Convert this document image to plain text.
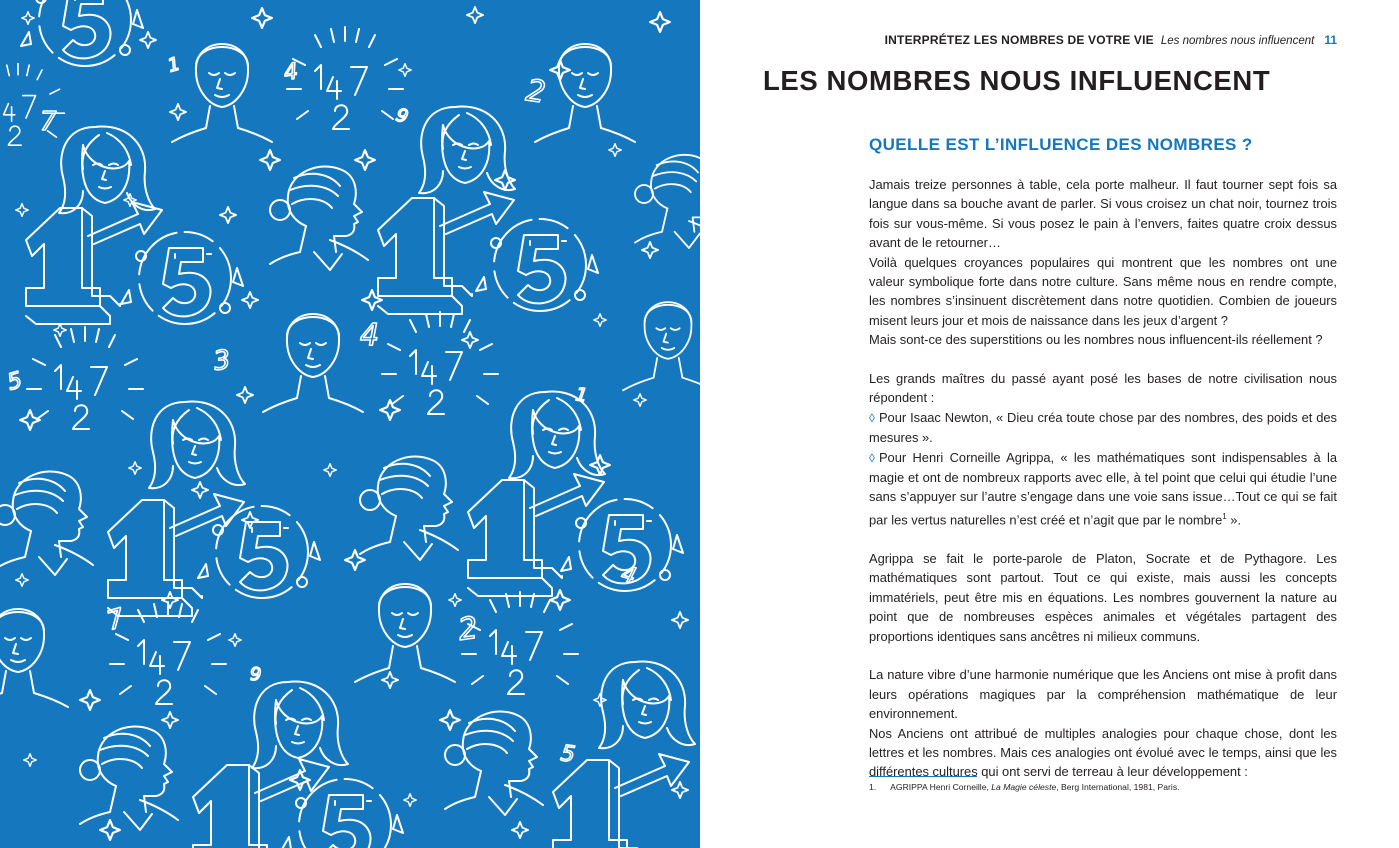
1	4
7
2
9
5
3
4
1
4
7	2
9
5
INTERPRÉTEZ LES NOMBRES DE VOTRE VIE Les nombres nous influencent 11
LES NOMBRES NOUS INFLUENCENT
QUELLE EST L’INFLUENCE DES NOMBRES ?

Jamais treize personnes à table, cela porte malheur. Il faut tourner sept fois sa langue dans sa bouche avant de parler. Si vous croisez un chat noir, tournez trois fois sur vous-même. Si vous posez le pain à l’envers, faites quatre croix dessus avant de le retourner…

Voilà quelques croyances populaires qui montrent que les nombres ont une valeur symbolique forte dans notre culture. Sans même nous en rendre compte, les nombres s’insinuent discrètement dans notre quotidien. Combien de joueurs misent leurs jour et mois de naissance dans les jeux d’argent ?

Mais sont-ce des superstitions ou les nombres nous influencent-ils réellement ?

Les grands maîtres du passé ayant posé les bases de notre civilisation nous répondent :

◊ Pour Isaac Newton, « Dieu créa toute chose par des nombres, des poids et des mesures ».

◊ Pour Henri Corneille Agrippa, « les mathématiques sont indispensables à la magie et ont de nombreux rapports avec elle, à tel point que celui qui étudie l’une sans s’appuyer sur l’autre s’engage dans une voie sans issue…Tout ce qui se fait par les vertus naturelles n’est créé et n’agit que par le nombre$^1$ ».

Agrippa se fait le porte-parole de Platon, Socrate et de Pythagore. Les mathématiques sont partout. Tout ce qui existe, mais aussi les concepts immatériels, peut être mis en équations. Les nombres gouvernent la nature au point que de nombreuses espèces animales et végétales partagent des proportions identiques sans ancêtres ni milieux communs.

La nature vibre d’une harmonie numérique que les Anciens ont mise à profit dans leurs opérations magiques par la compréhension mathématique de leur environnement.

Nos Anciens ont attribué de multiples analogies pour chaque chose, dont les lettres et les nombres. Mais ces analogies ont évolué avec le temps, ainsi que les différentes cultures qui ont servi de terreau à leur développement :

1. AGRIPPA Henri Corneille, La Magie céleste, Berg International, 1981, Paris.
